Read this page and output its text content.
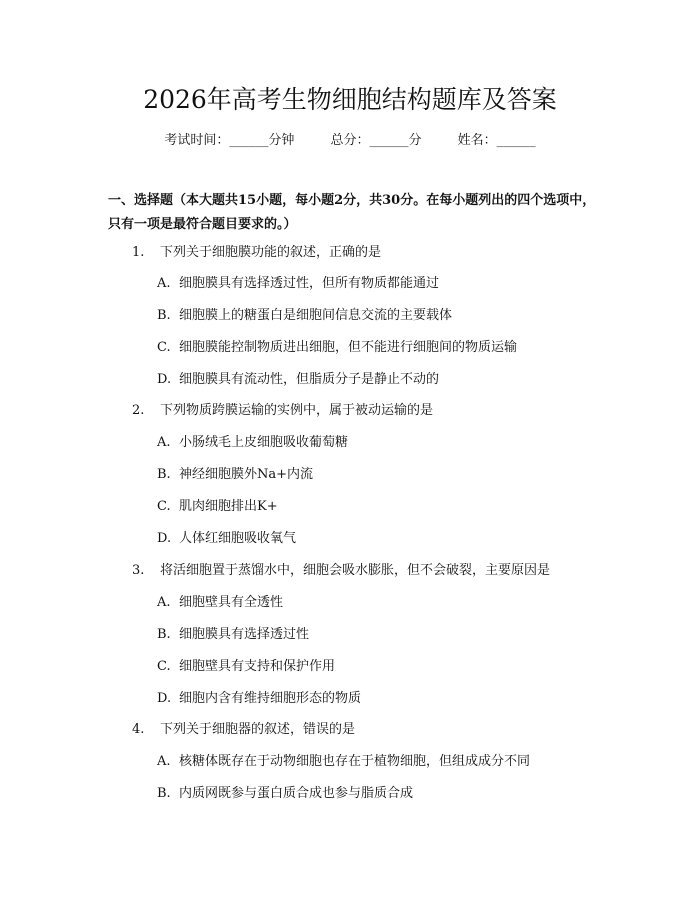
2026年高考生物细胞结构题库及答案
考试时间：______分钟	总分：______分	姓名：______

一、选择题（本大题共15小题，每小题2分，共30分。在每小题列出的四个选项中，只有一项是最符合题目要求的。）

1. 下列关于细胞膜功能的叙述，正确的是
A. 细胞膜具有选择透过性，但所有物质都能通过
B. 细胞膜上的糖蛋白是细胞间信息交流的主要载体
C. 细胞膜能控制物质进出细胞，但不能进行细胞间的物质运输
D. 细胞膜具有流动性，但脂质分子是静止不动的
2. 下列物质跨膜运输的实例中，属于被动运输的是
A. 小肠绒毛上皮细胞吸收葡萄糖
B. 神经细胞膜外Na+内流
C. 肌肉细胞排出K+
D. 人体红细胞吸收氧气
3. 将活细胞置于蒸馏水中，细胞会吸水膨胀，但不会破裂，主要原因是
A. 细胞壁具有全透性
B. 细胞膜具有选择透过性
C. 细胞壁具有支持和保护作用
D. 细胞内含有维持细胞形态的物质
4. 下列关于细胞器的叙述，错误的是
A. 核糖体既存在于动物细胞也存在于植物细胞，但组成成分不同
B. 内质网既参与蛋白质合成也参与脂质合成
